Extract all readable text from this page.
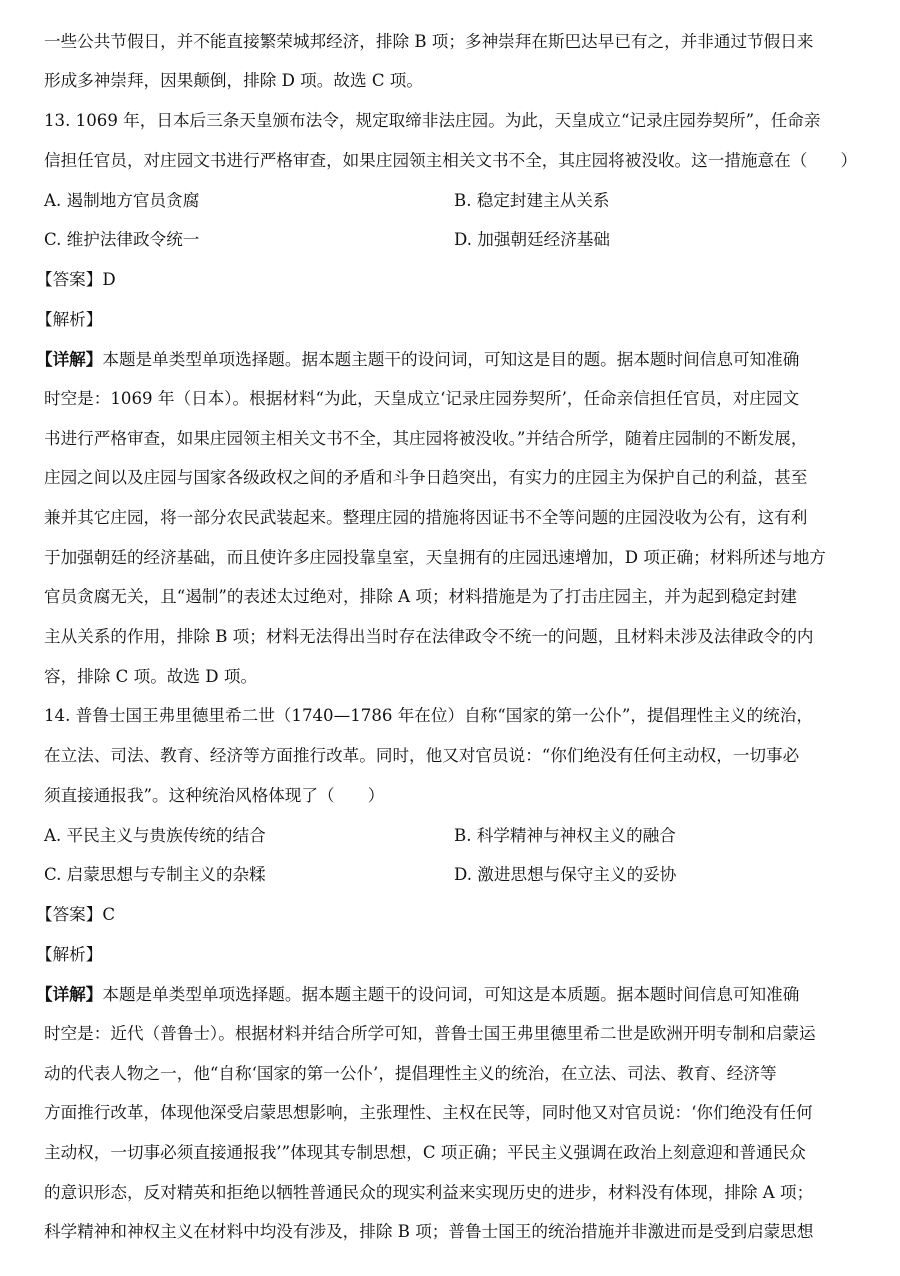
一些公共节假日，并不能直接繁荣城邦经济，排除 B 项；多神崇拜在斯巴达早已有之，并非通过节假日来
形成多神崇拜，因果颠倒，排除 D 项。故选 C 项。
13. 1069 年，日本后三条天皇颁布法令，规定取缔非法庄园。为此，天皇成立“记录庄园券契所”，任命亲
信担任官员，对庄园文书进行严格审查，如果庄园领主相关文书不全，其庄园将被没收。这一措施意在（　　）
A. 遏制地方官员贪腐	B. 稳定封建主从关系
C. 维护法律政令统一	D. 加强朝廷经济基础
【答案】D
【解析】
【详解】本题是单类型单项选择题。据本题主题干的设问词，可知这是目的题。据本题时间信息可知准确
时空是：1069 年（日本）。根据材料“为此，天皇成立‘记录庄园券契所’，任命亲信担任官员，对庄园文
书进行严格审查，如果庄园领主相关文书不全，其庄园将被没收。”并结合所学，随着庄园制的不断发展，
庄园之间以及庄园与国家各级政权之间的矛盾和斗争日趋突出，有实力的庄园主为保护自己的利益，甚至
兼并其它庄园，将一部分农民武装起来。整理庄园的措施将因证书不全等问题的庄园没收为公有，这有利
于加强朝廷的经济基础，而且使许多庄园投靠皇室，天皇拥有的庄园迅速增加，D 项正确；材料所述与地方
官员贪腐无关，且“遏制”的表述太过绝对，排除 A 项；材料措施是为了打击庄园主，并为起到稳定封建
主从关系的作用，排除 B 项；材料无法得出当时存在法律政令不统一的问题，且材料未涉及法律政令的内
容，排除 C 项。故选 D 项。
14. 普鲁士国王弗里德里希二世（1740—1786 年在位）自称“国家的第一公仆”，提倡理性主义的统治，
在立法、司法、教育、经济等方面推行改革。同时，他又对官员说：“你们绝没有任何主动权，一切事必
须直接通报我”。这种统治风格体现了（　　）
A. 平民主义与贵族传统的结合	B. 科学精神与神权主义的融合
C. 启蒙思想与专制主义的杂糅	D. 激进思想与保守主义的妥协
【答案】C
【解析】
【详解】本题是单类型单项选择题。据本题主题干的设问词，可知这是本质题。据本题时间信息可知准确
时空是：近代（普鲁士）。根据材料并结合所学可知，普鲁士国王弗里德里希二世是欧洲开明专制和启蒙运
动的代表人物之一，他“自称‘国家的第一公仆’，提倡理性主义的统治，在立法、司法、教育、经济等
方面推行改革，体现他深受启蒙思想影响，主张理性、主权在民等，同时他又对官员说：‘你们绝没有任何
主动权，一切事必须直接通报我’”体现其专制思想，C 项正确；平民主义强调在政治上刻意迎和普通民众
的意识形态，反对精英和拒绝以牺牲普通民众的现实利益来实现历史的进步，材料没有体现，排除 A 项；
科学精神和神权主义在材料中均没有涉及，排除 B 项；普鲁士国王的统治措施并非激进而是受到启蒙思想
